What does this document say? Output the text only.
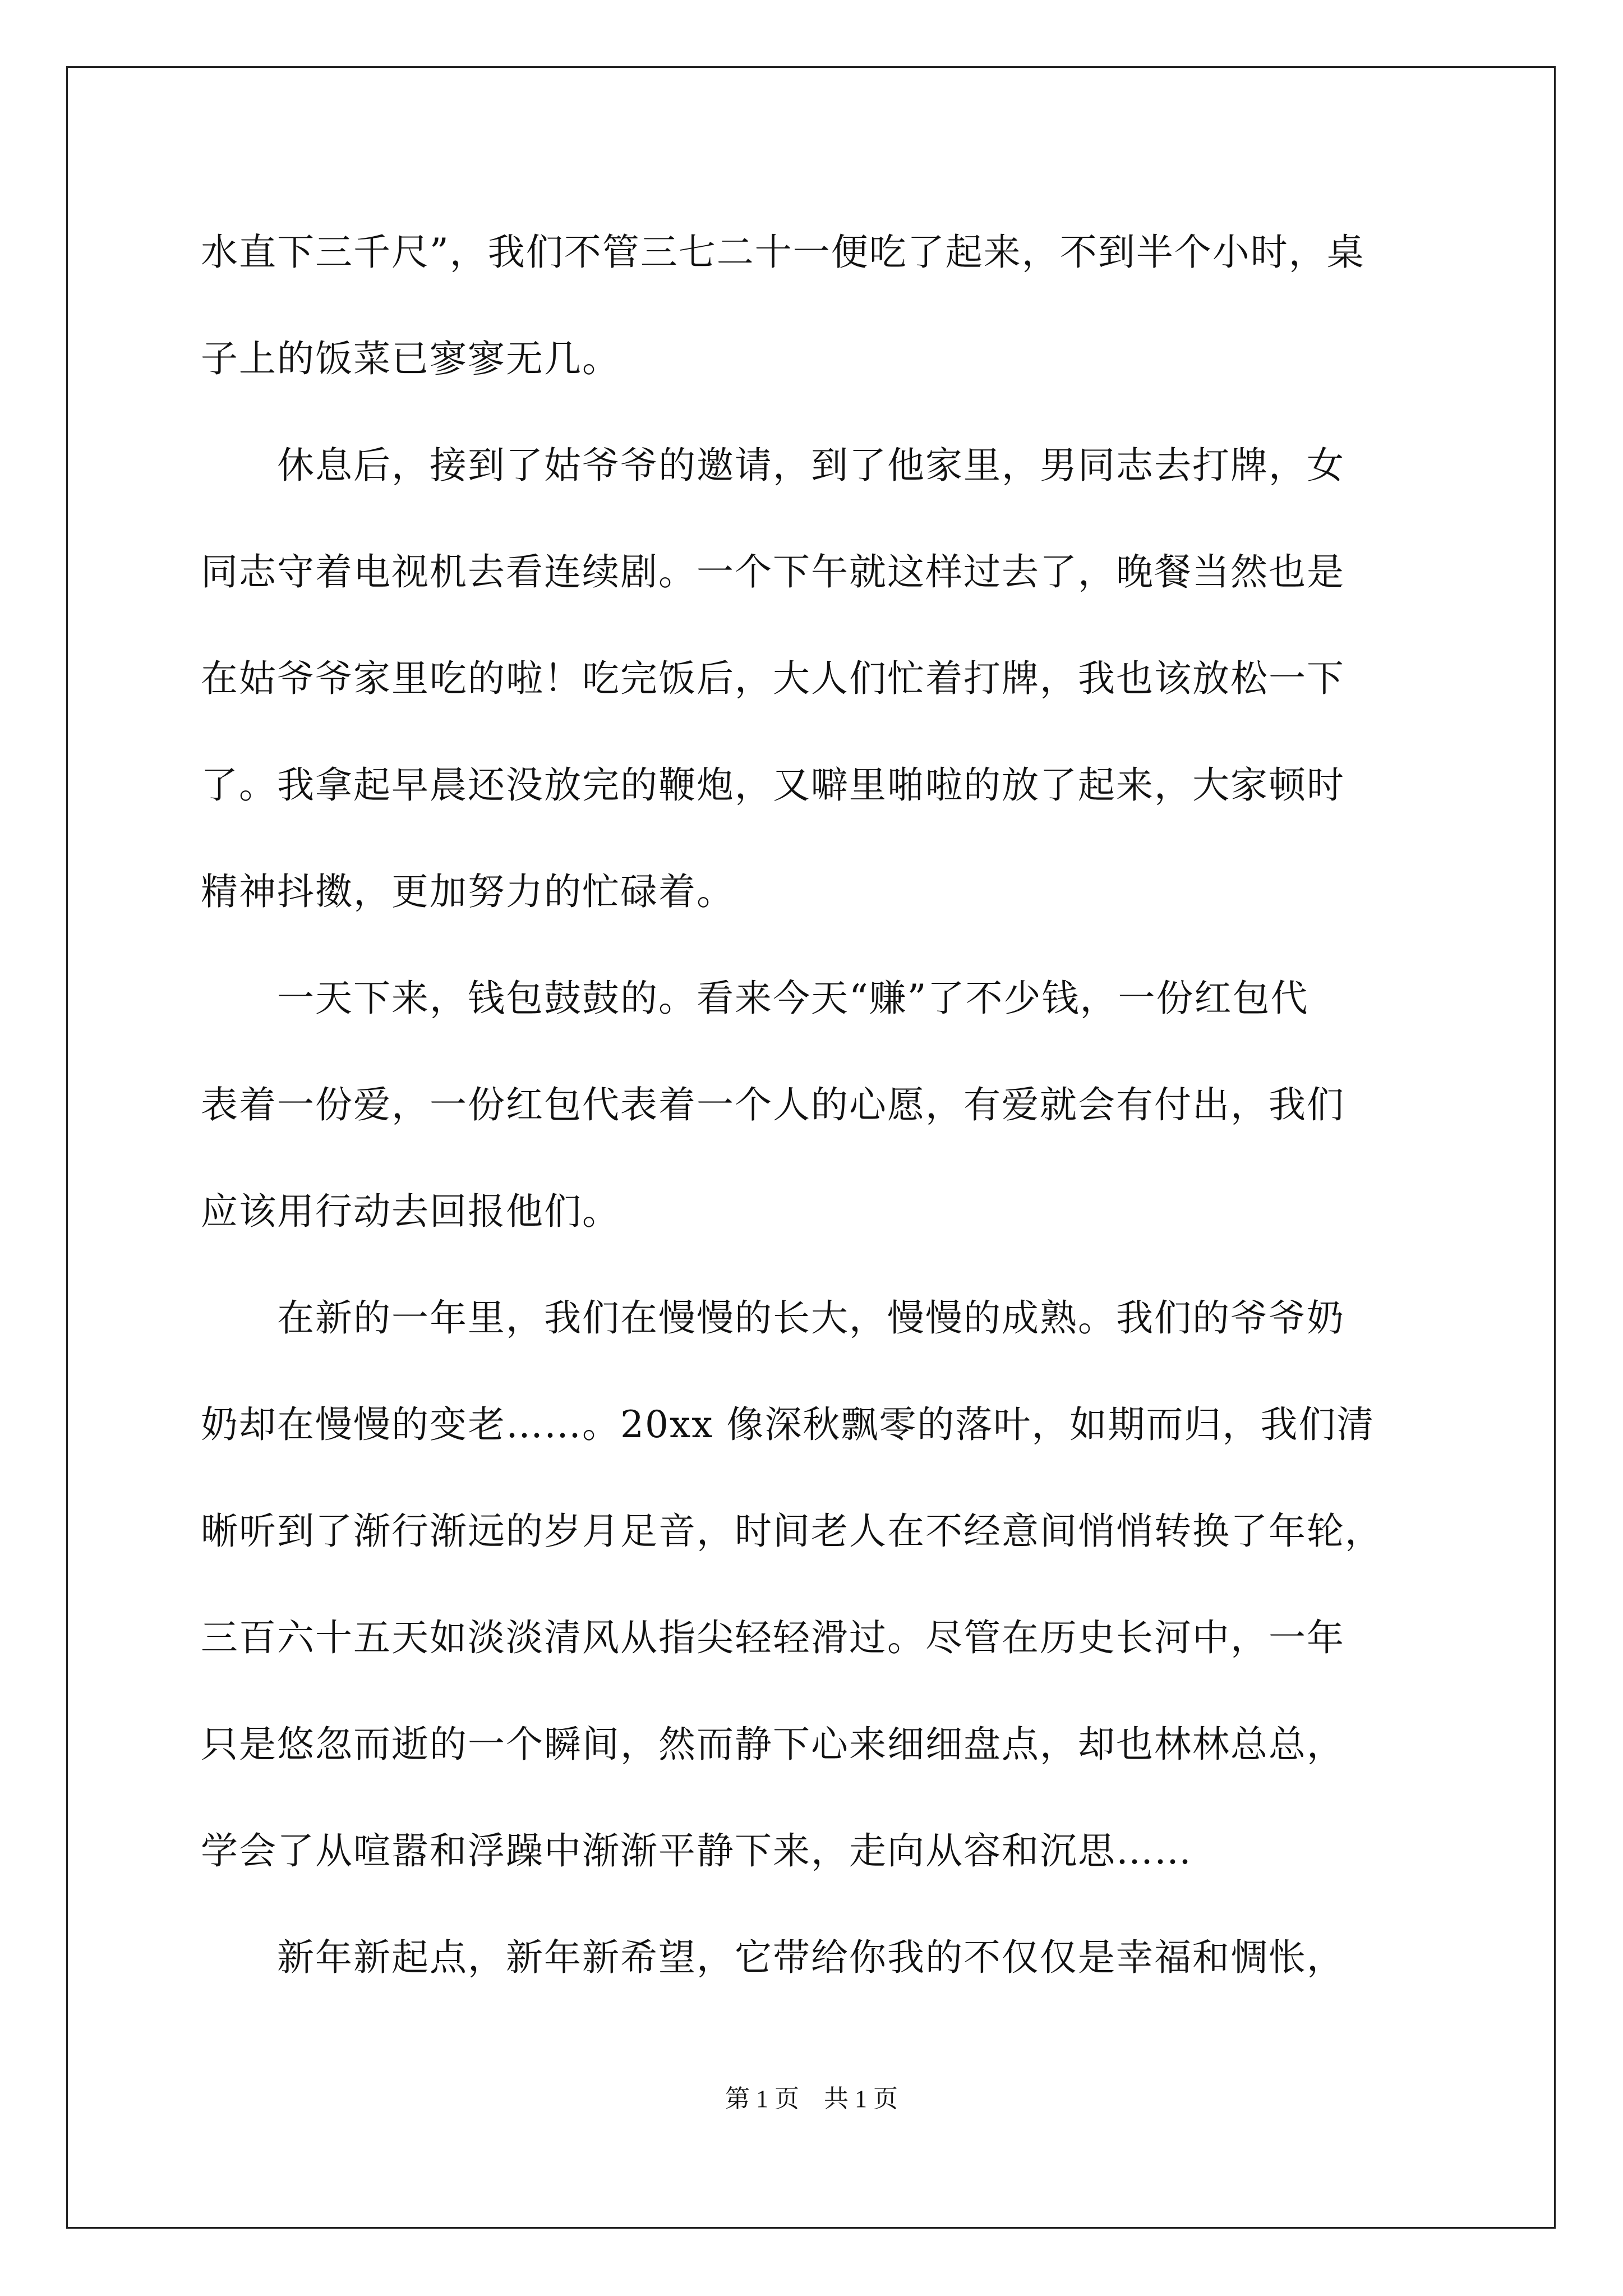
水直下三千尺”，我们不管三七二十一便吃了起来，不到半个小时，桌
子上的饭菜已寥寥无几。
　　休息后，接到了姑爷爷的邀请，到了他家里，男同志去打牌，女
同志守着电视机去看连续剧。一个下午就这样过去了，晚餐当然也是
在姑爷爷家里吃的啦！吃完饭后，大人们忙着打牌，我也该放松一下
了。我拿起早晨还没放完的鞭炮，又噼里啪啦的放了起来，大家顿时
精神抖擞，更加努力的忙碌着。
　　一天下来，钱包鼓鼓的。看来今天“赚”了不少钱，一份红包代
表着一份爱，一份红包代表着一个人的心愿，有爱就会有付出，我们
应该用行动去回报他们。
　　在新的一年里，我们在慢慢的长大，慢慢的成熟。我们的爷爷奶
奶却在慢慢的变老……。20xx 像深秋飘零的落叶，如期而归，我们清
晰听到了渐行渐远的岁月足音，时间老人在不经意间悄悄转换了年轮，
三百六十五天如淡淡清风从指尖轻轻滑过。尽管在历史长河中，一年
只是悠忽而逝的一个瞬间，然而静下心来细细盘点，却也林林总总，
学会了从喧嚣和浮躁中渐渐平静下来，走向从容和沉思……
　　新年新起点，新年新希望，它带给你我的不仅仅是幸福和惆怅，
第 1 页　共 1 页
